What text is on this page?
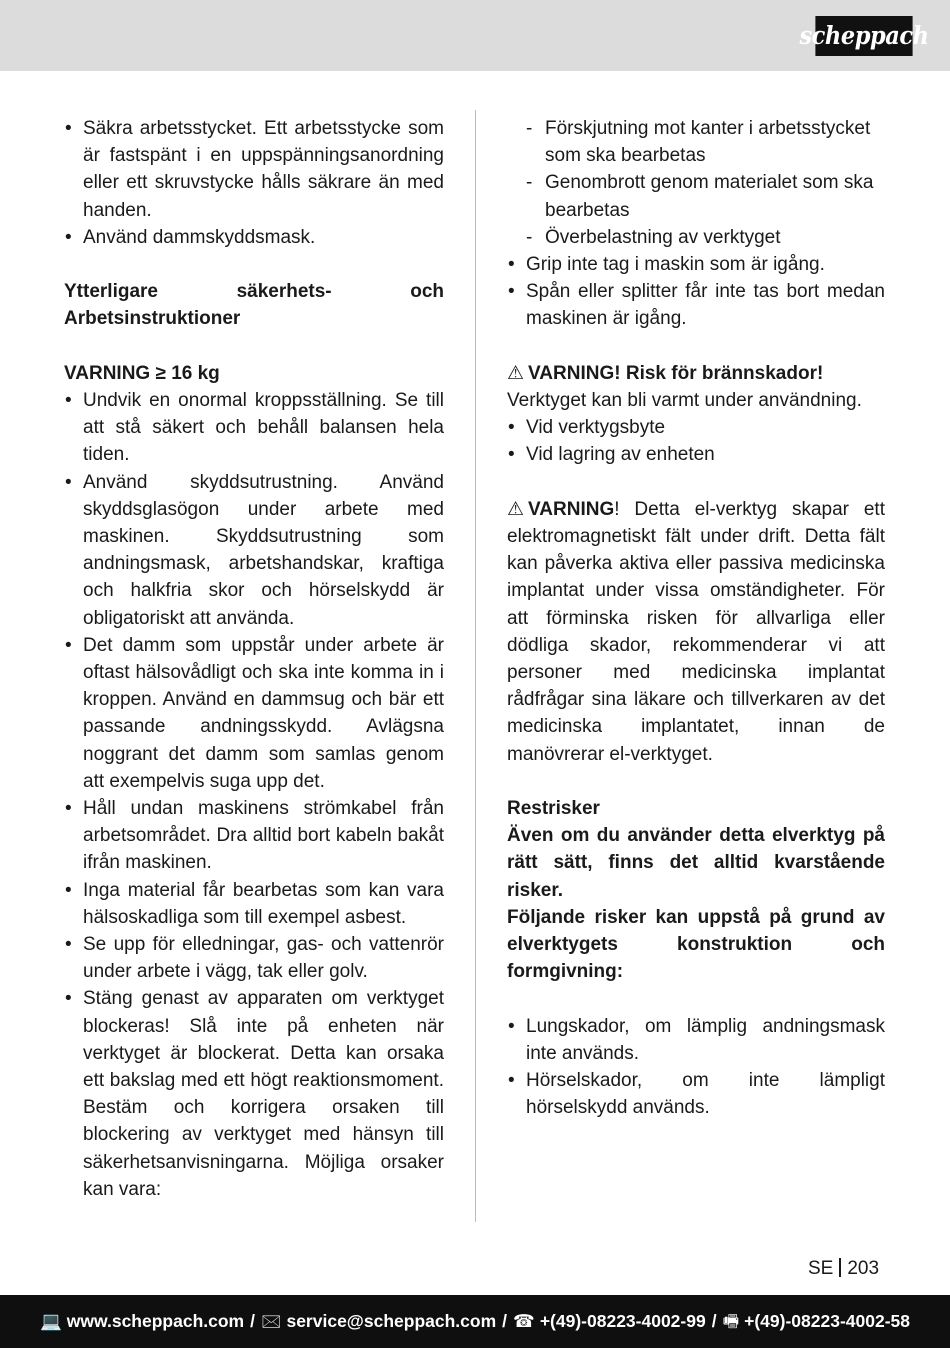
scheppach
• Säkra arbetsstycket. Ett arbetsstycke som är fastspänt i en uppspänningsanordning eller ett skruvstycke hålls säkrare än med handen.
• Använd dammskyddsmask.

Ytterligare säkerhets- och Arbetsinstruktioner

VARNING ≥ 16 kg

• Undvik en onormal kroppsställning. Se till att stå säkert och behåll balansen hela tiden.
• Använd skyddsutrustning. Använd skyddsglasögon under arbete med maskinen. Skyddsutrustning som andningsmask, arbetshandskar, kraftiga och halkfria skor och hörselskydd är obligatoriskt att använda.
• Det damm som uppstår under arbete är oftast hälsovådligt och ska inte komma in i kroppen. Använd en dammsug och bär ett passande andningsskydd. Avlägsna noggrant det damm som samlas genom att exempelvis suga upp det.
• Håll undan maskinens strömkabel från arbetsområdet. Dra alltid bort kabeln bakåt ifrån maskinen.
• Inga material får bearbetas som kan vara hälsoskadliga som till exempel asbest.
• Se upp för elledningar, gas- och vattenrör under arbete i vägg, tak eller golv.
• Stäng genast av apparaten om verktyget blockeras! Slå inte på enheten när verktyget är blockerat. Detta kan orsaka ett bakslag med ett högt reaktionsmoment. Bestäm och korrigera orsaken till blockering av verktyget med hänsyn till säkerhetsanvisningarna. Möjliga orsaker kan vara:
- Förskjutning mot kanter i arbetsstycket som ska bearbetas
- Genombrott genom materialet som ska bearbetas
- Överbelastning av verktyget
• Grip inte tag i maskin som är igång.
• Spån eller splitter får inte tas bort medan maskinen är igång.

⚠ VARNING! Risk för brännskador!

Verktyget kan bli varmt under användning.

• Vid verktygsbyte
• Vid lagring av enheten

⚠ VARNING! Detta el-verktyg skapar ett elektromagnetiskt fält under drift. Detta fält kan påverka aktiva eller passiva medicinska implantat under vissa omständigheter. För att förminska risken för allvarliga eller dödliga skador, rekommenderar vi att personer med medicinska implantat rådfrågar sina läkare och tillverkaren av det medicinska implantatet, innan de manövrerar el-verktyget.

Restrisker

Även om du använder detta elverktyg på rätt sätt, finns det alltid kvarstående risker.

Följande risker kan uppstå på grund av elverktygets konstruktion och formgivning:

• Lungskador, om lämplig andningsmask inte används.
• Hörselskador, om inte lämpligt hörselskydd används.
SE 203
💻 www.scheppach.com / 🖂 service@scheppach.com / ☎ +(49)-08223-4002-99 / 🖷 +(49)-08223-4002-58
